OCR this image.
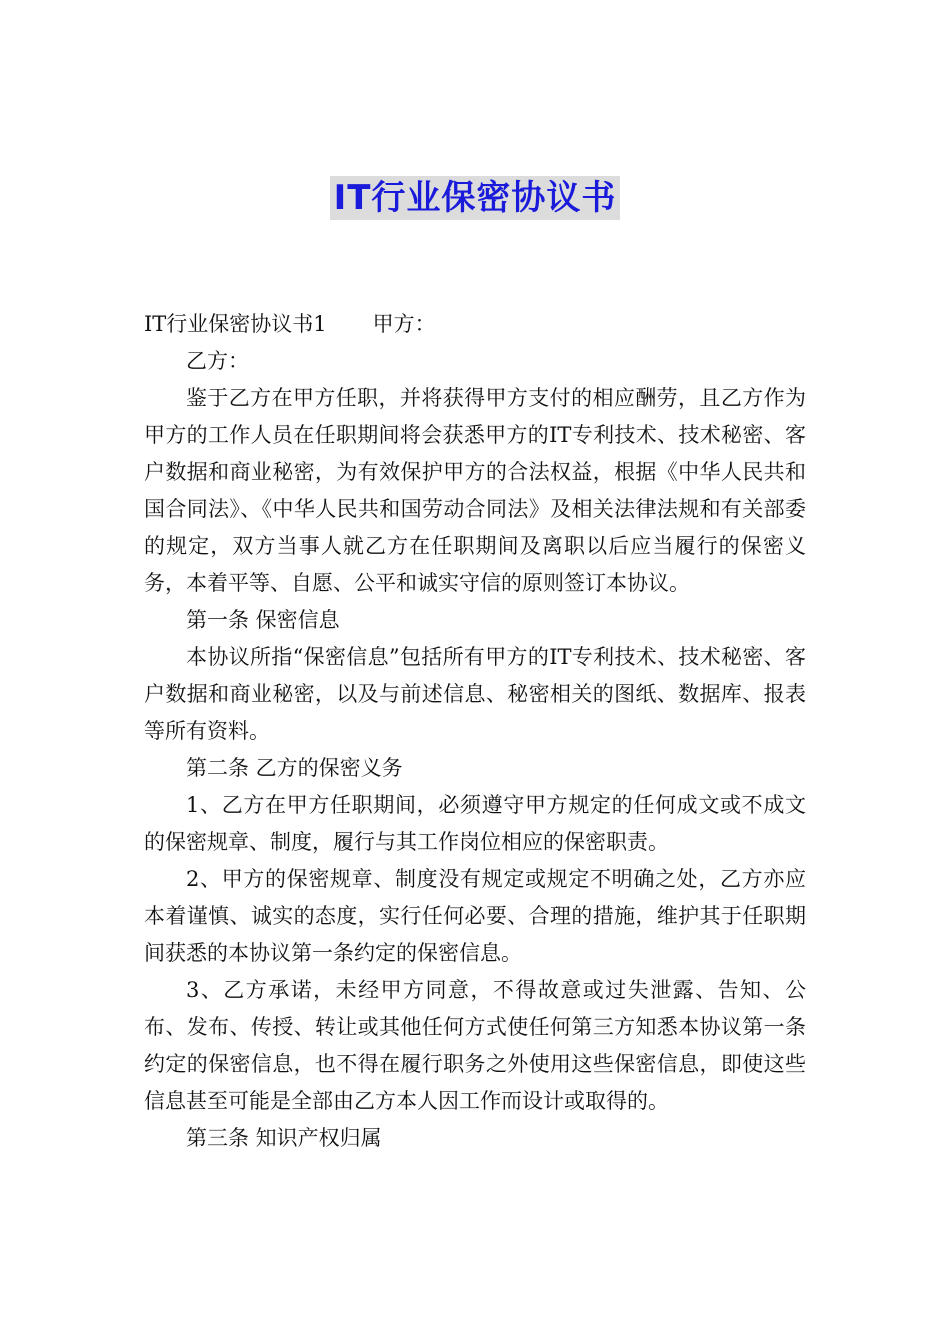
IT行业保密协议书

IT行业保密协议书1 甲方：

乙方：

鉴于乙方在甲方任职，并将获得甲方支付的相应酬劳，且乙方作为甲方的工作人员在任职期间将会获悉甲方的IT专利技术、技术秘密、客户数据和商业秘密，为有效保护甲方的合法权益，根据《中华人民共和国合同法》、《中华人民共和国劳动合同法》及相关法律法规和有关部委的规定，双方当事人就乙方在任职期间及离职以后应当履行的保密义务，本着平等、自愿、公平和诚实守信的原则签订本协议。

第一条 保密信息

本协议所指“保密信息”包括所有甲方的IT专利技术、技术秘密、客户数据和商业秘密，以及与前述信息、秘密相关的图纸、数据库、报表等所有资料。

第二条 乙方的保密义务

1、乙方在甲方任职期间，必须遵守甲方规定的任何成文或不成文的保密规章、制度，履行与其工作岗位相应的保密职责。

2、甲方的保密规章、制度没有规定或规定不明确之处，乙方亦应本着谨慎、诚实的态度，实行任何必要、合理的措施，维护其于任职期间获悉的本协议第一条约定的保密信息。

3、乙方承诺，未经甲方同意，不得故意或过失泄露、告知、公布、发布、传授、转让或其他任何方式使任何第三方知悉本协议第一条约定的保密信息，也不得在履行职务之外使用这些保密信息，即使这些信息甚至可能是全部由乙方本人因工作而设计或取得的。

第三条 知识产权归属
